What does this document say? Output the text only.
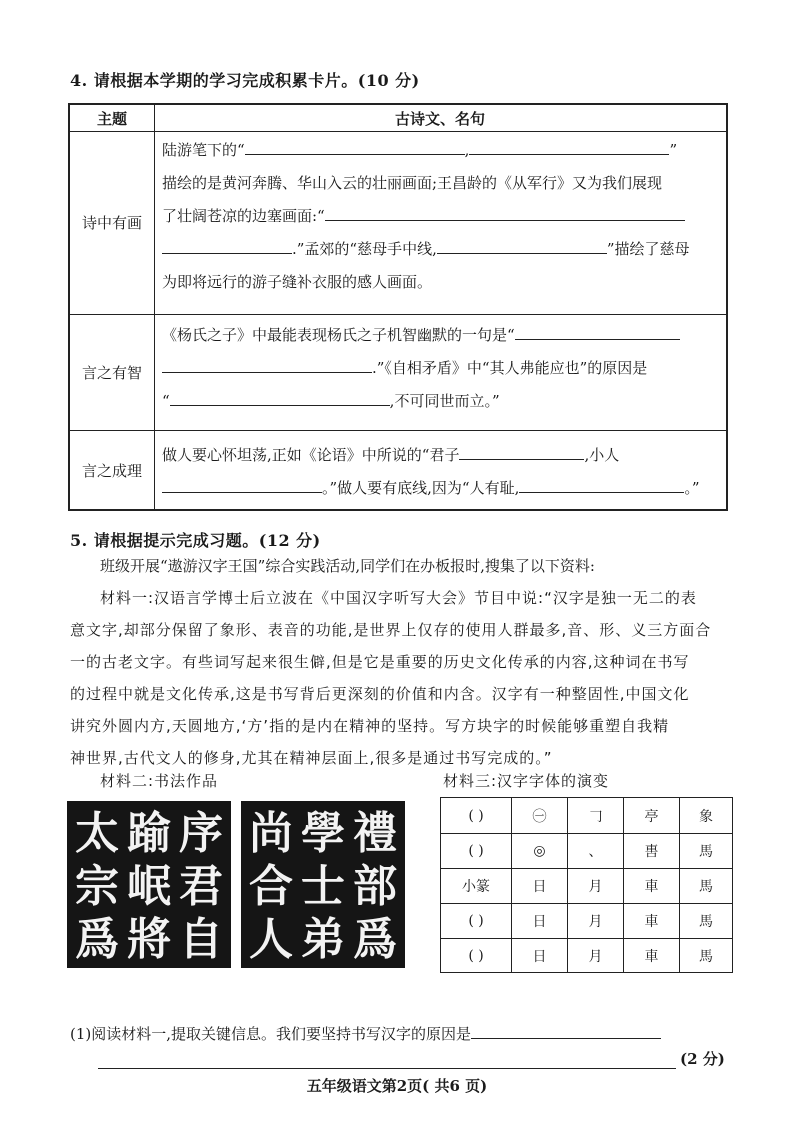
4. 请根据本学期的学习完成积累卡片。(10 分)
主题	古诗文、名句
诗中有画
陆游笔下的“	,	”
描绘的是黄河奔腾、华山入云的壮丽画面;王昌龄的《从军行》又为我们展现
了壮阔苍凉的边塞画面:“
.”孟郊的“慈母手中线,	”描绘了慈母
为即将远行的游子缝补衣服的感人画面。
言之有智
《杨氏之子》中最能表现杨氏之子机智幽默的一句是“
.”《自相矛盾》中“其人弗能应也”的原因是
“	,不可同世而立。”
言之成理
做人要心怀坦荡,正如《论语》中所说的“君子	,小人
。”做人要有底线,因为“人有耻,	。”
5. 请根据提示完成习题。(12 分)
班级开展“遨游汉字王国”综合实践活动,同学们在办板报时,搜集了以下资料:
材料一:汉语言学博士后立波在《中国汉字听写大会》节目中说:“汉字是独一无二的表
意文字,却部分保留了象形、表音的功能,是世界上仅存的使用人群最多,音、形、义三方面合
一的古老文字。有些词写起来很生僻,但是它是重要的历史文化传承的内容,这种词在书写
的过程中就是文化传承,这是书写背后更深刻的价值和内含。汉字有一种整固性,中国文化
讲究外圆内方,天圆地方,‘方’指的是内在精神的坚持。写方块字的时候能够重塑自我精
神世界,古代文人的修身,尤其在精神层面上,很多是通过书写完成的。”
材料二:书法作品	材料三:汉字字体的演变
太
宗
爲
踰
岷
將
序
君
自
尚
合
人
學
士
弟
禮
部
爲
( )	㊀	𠃌	亭	象
( )	◎	、	軎	馬
小篆	日	月	車	馬
( )	日	月	車	馬
( )	日	月	車	馬
(1)阅读材料一,提取关键信息。我们要坚持书写汉字的原因是
(2 分)
五年级语文第2页( 共6 页)
